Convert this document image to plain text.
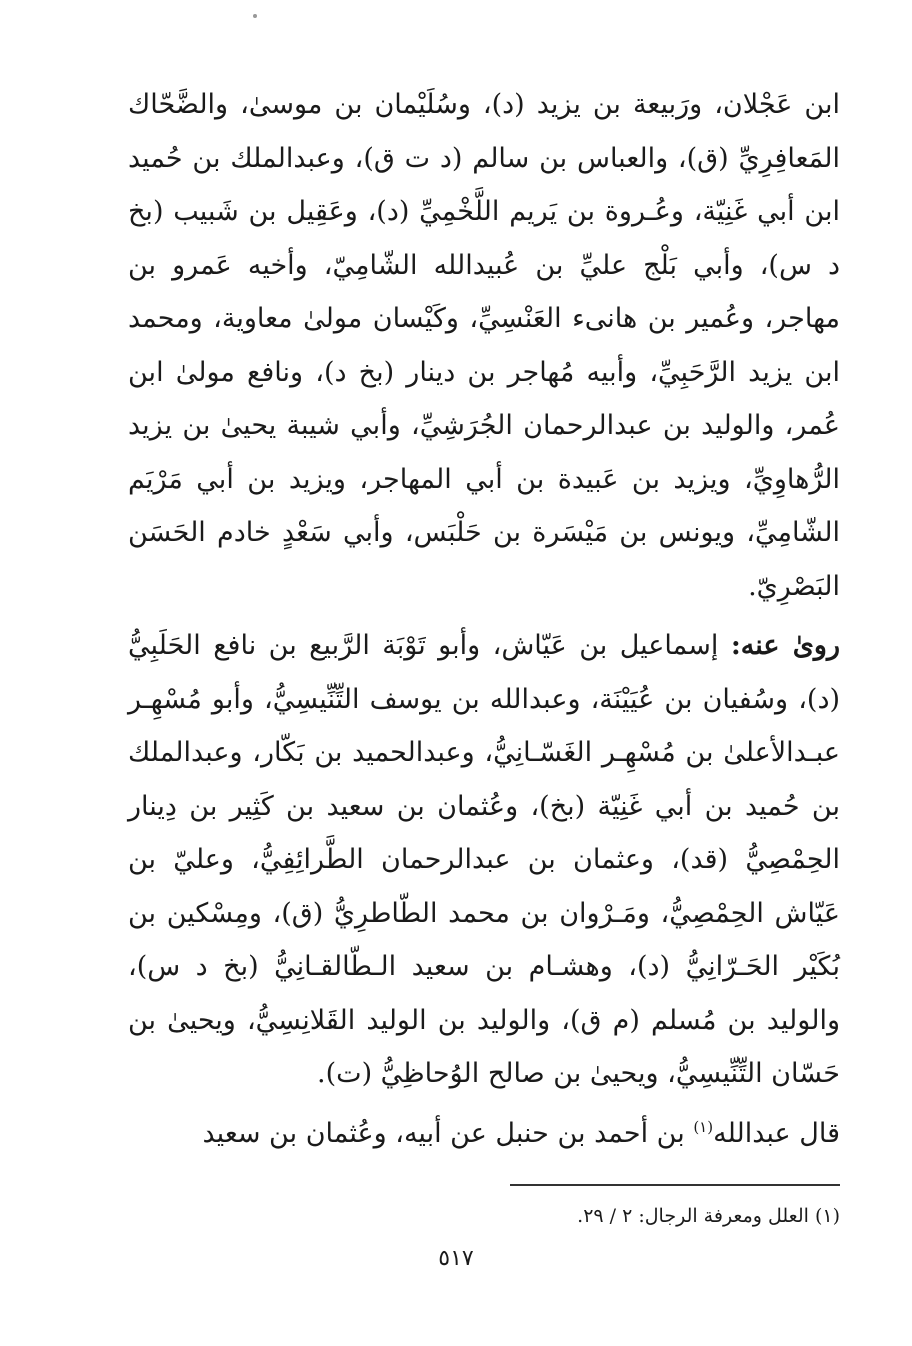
ابن عَجْلان، ورَبيعة بن يزيد (د)، وسُلَيْمان بن موسىٰ، والضَّحّاك المَعافِرِيِّ (ق)، والعباس بن سالم (د ت ق)، وعبدالملك بن حُميد ابن أبي غَنِيّة، وعُـروة بن يَريم اللَّخْمِيِّ (د)، وعَقِيل بن شَبيب (بخ د س)، وأبي بَلْج عليِّ بن عُبيدالله الشّامِيّ، وأخيه عَمرو بن مهاجر، وعُمير بن هانىء العَنْسِيِّ، وكَيْسان مولىٰ معاوية، ومحمد ابن يزيد الرَّحَبِيِّ، وأبيه مُهاجر بن دينار (بخ د)، ونافع مولىٰ ابن عُمر، والوليد بن عبدالرحمان الجُرَشِيِّ، وأبي شيبة يحيىٰ بن يزيد الرُّهاوِيِّ، ويزيد بن عَبيدة بن أبي المهاجر، ويزيد بن أبي مَرْيَم الشّامِيِّ، ويونس بن مَيْسَرة بن حَلْبَس، وأبي سَعْدٍ خادم الحَسَن البَصْرِيّ.

روىٰ عنه: إسماعيل بن عَيّاش، وأبو تَوْبَة الرَّبيع بن نافع الحَلَبِيُّ (د)، وسُفيان بن عُيَيْنَة، وعبدالله بن يوسف التِّنِّيسِيُّ، وأبو مُسْهِـر عبـدالأعلىٰ بن مُسْهِـر الغَسّـانِيُّ، وعبدالحميد بن بَكّار، وعبدالملك بن حُميد بن أبي غَنِيّة (بخ)، وعُثمان بن سعيد بن كَثِير بن دِينار الحِمْصِيُّ (قد)، وعثمان بن عبدالرحمان الطَّرائِفِيُّ، وعليّ بن عَيّاش الحِمْصِيُّ، ومَـرْوان بن محمد الطّاطرِيُّ (ق)، ومِسْكين بن بُكَيْر الحَـرّانِيُّ (د)، وهشـام بن سعيد الـطّالقـانِيُّ (بخ د س)، والوليد بن مُسلم (م ق)، والوليد بن الوليد القَلانِسِيُّ، ويحيىٰ بن حَسّان التِّنِّيسِيُّ، ويحيىٰ بن صالح الوُحاظِيُّ (ت).

قال عبدالله$^{(١)}$ بن أحمد بن حنبل عن أبيه، وعُثمان بن سعيد

(١) العلل ومعرفة الرجال: ٢ / ٢٩.
٥١٧
